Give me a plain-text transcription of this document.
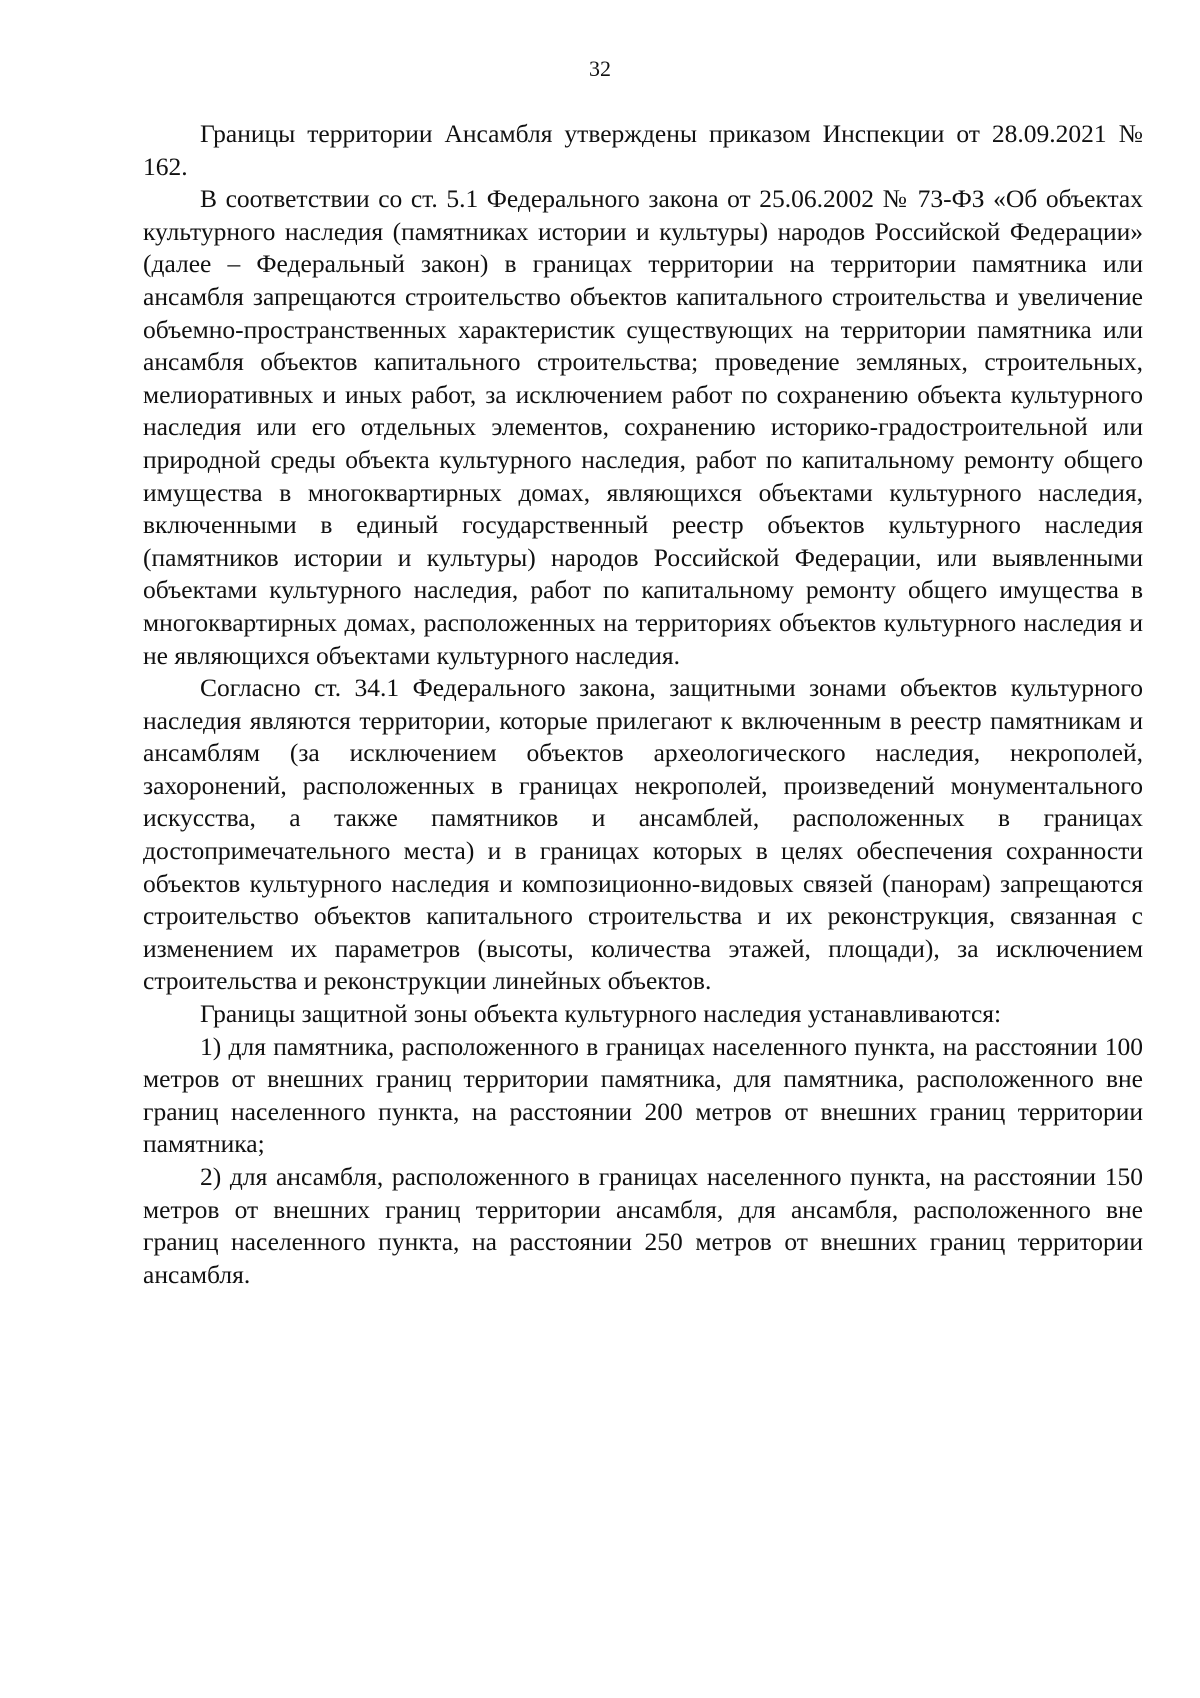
32

Границы территории Ансамбля утверждены приказом Инспекции от 28.09.2021 № 162.

В соответствии со ст. 5.1 Федерального закона от 25.06.2002 № 73-ФЗ «Об объектах культурного наследия (памятниках истории и культуры) народов Российской Федерации» (далее – Федеральный закон) в границах территории на территории памятника или ансамбля запрещаются строительство объектов капитального строительства и увеличение объемно-пространственных характеристик существующих на территории памятника или ансамбля объектов капитального строительства; проведение земляных, строительных, мелиоративных и иных работ, за исключением работ по сохранению объекта культурного наследия или его отдельных элементов, сохранению историко-градостроительной или природной среды объекта культурного наследия, работ по капитальному ремонту общего имущества в многоквартирных домах, являющихся объектами культурного наследия, включенными в единый государственный реестр объектов культурного наследия (памятников истории и культуры) народов Российской Федерации, или выявленными объектами культурного наследия, работ по капитальному ремонту общего имущества в многоквартирных домах, расположенных на территориях объектов культурного наследия и не являющихся объектами культурного наследия.

Согласно ст. 34.1 Федерального закона, защитными зонами объектов культурного наследия являются территории, которые прилегают к включенным в реестр памятникам и ансамблям (за исключением объектов археологического наследия, некрополей, захоронений, расположенных в границах некрополей, произведений монументального искусства, а также памятников и ансамблей, расположенных в границах достопримечательного места) и в границах которых в целях обеспечения сохранности объектов культурного наследия и композиционно-видовых связей (панорам) запрещаются строительство объектов капитального строительства и их реконструкция, связанная с изменением их параметров (высоты, количества этажей, площади), за исключением строительства и реконструкции линейных объектов.

Границы защитной зоны объекта культурного наследия устанавливаются:

1) для памятника, расположенного в границах населенного пункта, на расстоянии 100 метров от внешних границ территории памятника, для памятника, расположенного вне границ населенного пункта, на расстоянии 200 метров от внешних границ территории памятника;

2) для ансамбля, расположенного в границах населенного пункта, на расстоянии 150 метров от внешних границ территории ансамбля, для ансамбля, расположенного вне границ населенного пункта, на расстоянии 250 метров от внешних границ территории ансамбля.
